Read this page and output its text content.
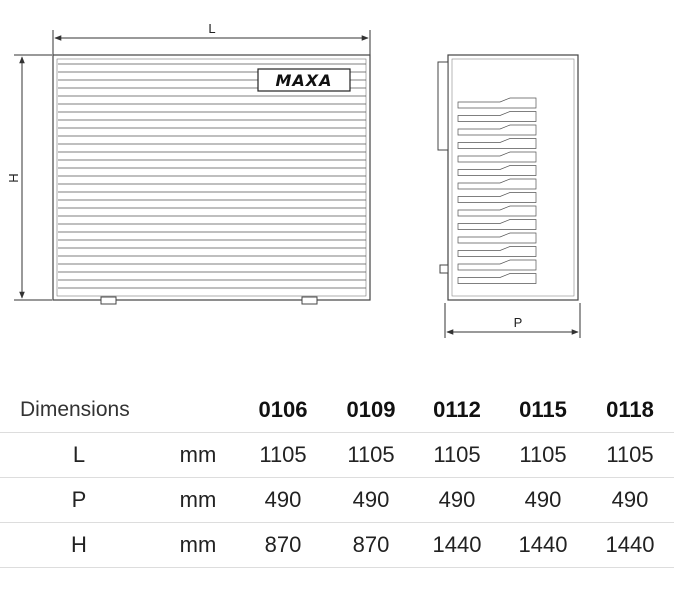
L
H
MAXA
P
Dimensions		0106	0109	0112	0115	0118
L	mm	1105	1105	1105	1105	1105
P	mm	490	490	490	490	490
H	mm	870	870	1440	1440	1440
